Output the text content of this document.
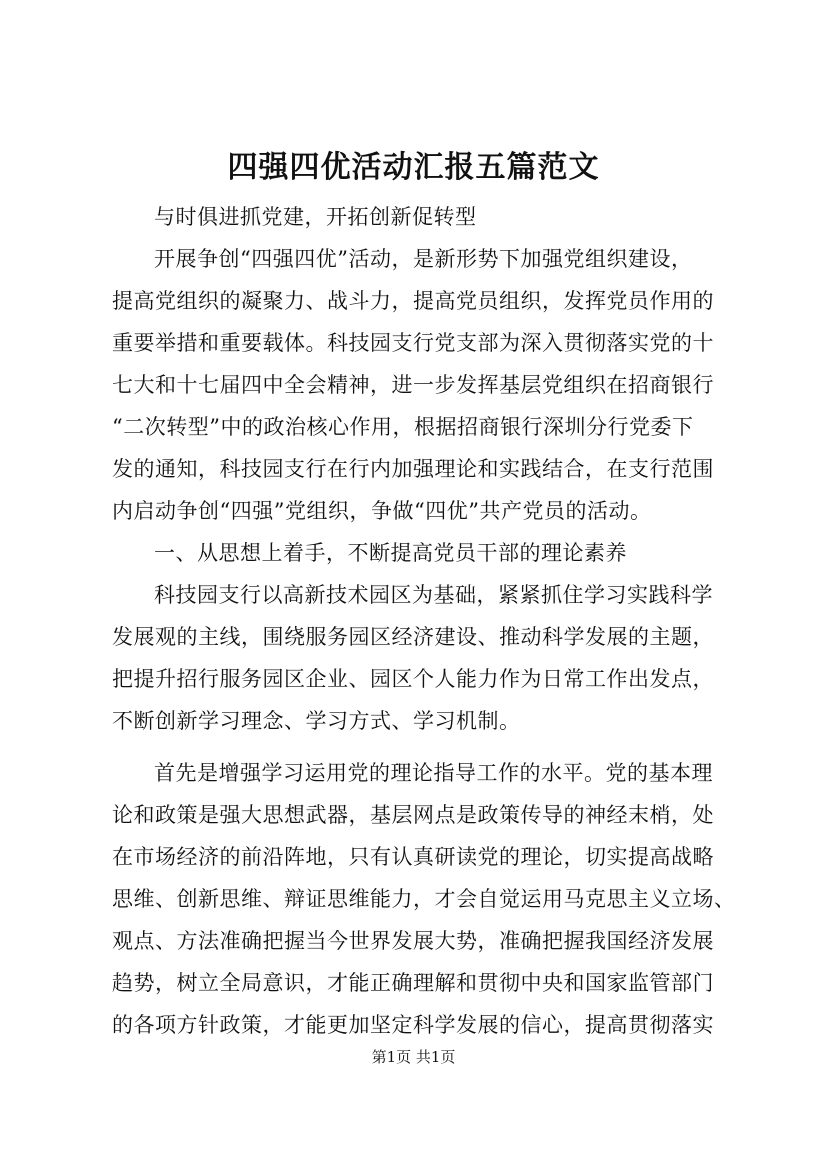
四强四优活动汇报五篇范文
与时俱进抓党建，开拓创新促转型
开展争创“四强四优”活动，是新形势下加强党组织建设，
提高党组织的凝聚力、战斗力，提高党员组织，发挥党员作用的
重要举措和重要载体。科技园支行党支部为深入贯彻落实党的十
七大和十七届四中全会精神，进一步发挥基层党组织在招商银行
“二次转型”中的政治核心作用，根据招商银行深圳分行党委下
发的通知，科技园支行在行内加强理论和实践结合，在支行范围
内启动争创“四强”党组织，争做“四优”共产党员的活动。
一、从思想上着手，不断提高党员干部的理论素养
科技园支行以高新技术园区为基础，紧紧抓住学习实践科学
发展观的主线，围绕服务园区经济建设、推动科学发展的主题，
把提升招行服务园区企业、园区个人能力作为日常工作出发点，
不断创新学习理念、学习方式、学习机制。
首先是增强学习运用党的理论指导工作的水平。党的基本理
论和政策是强大思想武器，基层网点是政策传导的神经末梢，处
在市场经济的前沿阵地，只有认真研读党的理论，切实提高战略
思维、创新思维、辩证思维能力，才会自觉运用马克思主义立场、
观点、方法准确把握当今世界发展大势，准确把握我国经济发展
趋势，树立全局意识，才能正确理解和贯彻中央和国家监管部门
的各项方针政策，才能更加坚定科学发展的信心，提高贯彻落实
第1页 共1页
